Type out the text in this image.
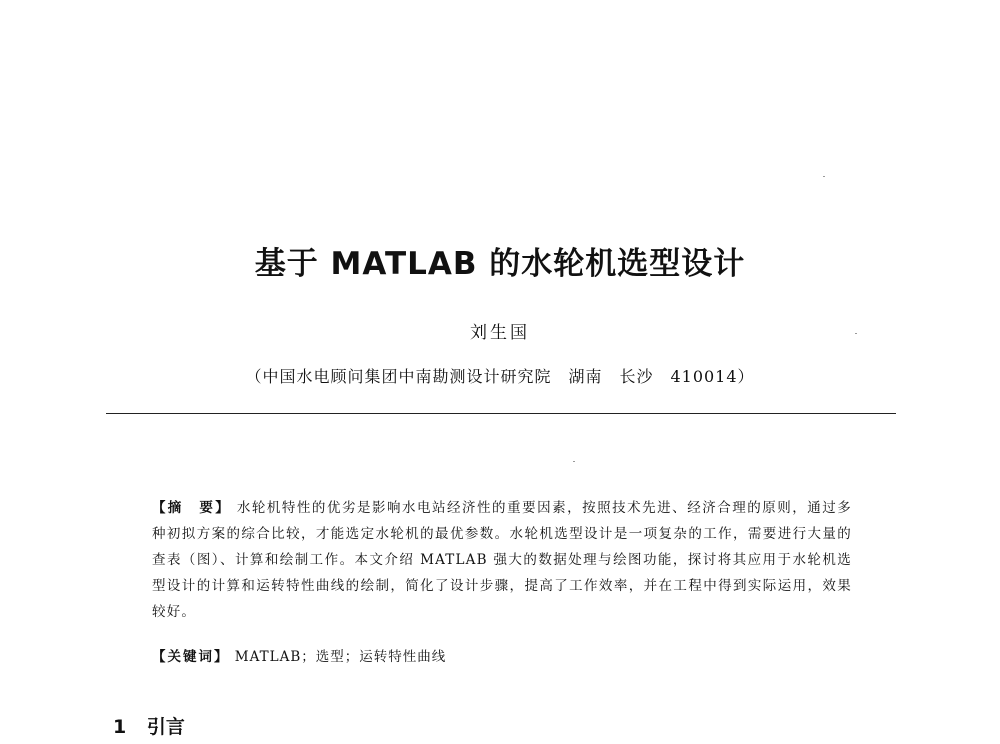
基于 MATLAB 的水轮机选型设计

刘生国

（中国水电顾问集团中南勘测设计研究院　湖南　长沙　410014）

【摘　要】 水轮机特性的优劣是影响水电站经济性的重要因素，按照技术先进、经济合理的原则，通过多种初拟方案的综合比较，才能选定水轮机的最优参数。水轮机选型设计是一项复杂的工作，需要进行大量的查表（图）、计算和绘制工作。本文介绍 MATLAB 强大的数据处理与绘图功能，探讨将其应用于水轮机选型设计的计算和运转特性曲线的绘制，简化了设计步骤，提高了工作效率，并在工程中得到实际运用，效果较好。

【关键词】 MATLAB；选型；运转特性曲线

1 引言
